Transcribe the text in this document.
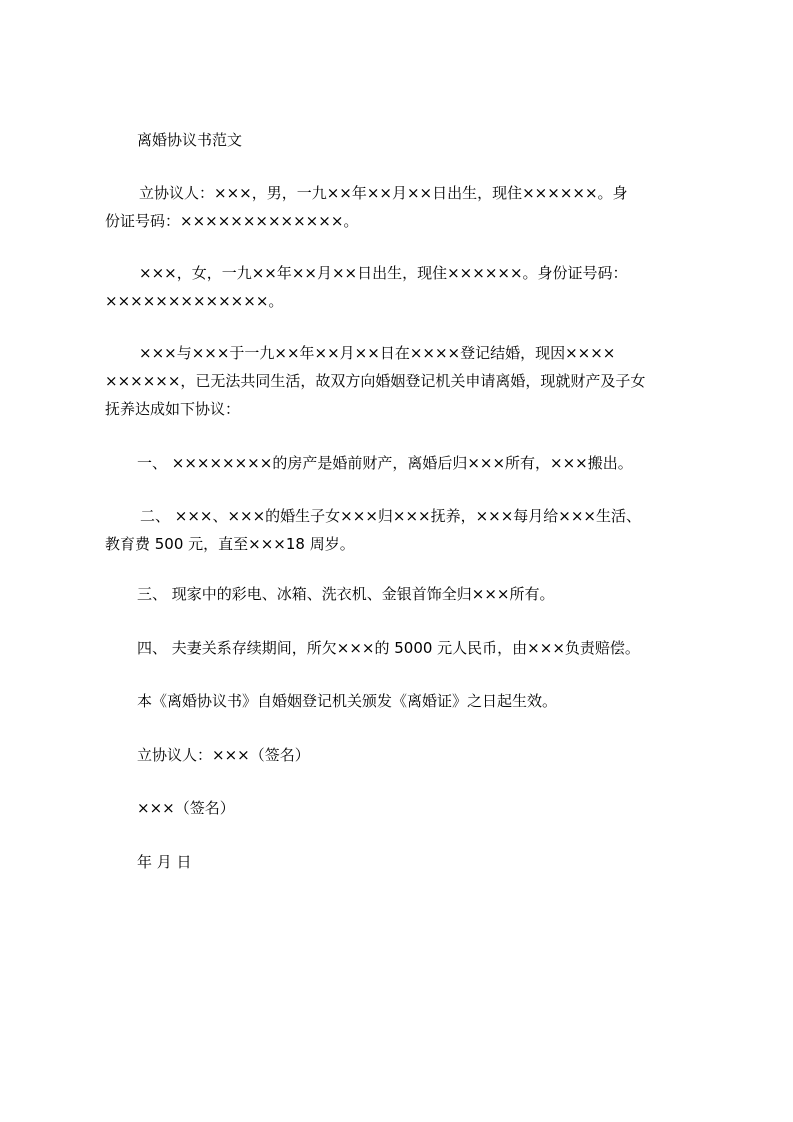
离婚协议书范文
立协议人：×××，男，一九××年××月××日出生，现住××××××。身
份证号码：×××××××××××××。
×××，女，一九××年××月××日出生，现住××××××。身份证号码：
×××××××××××××。
×××与×××于一九××年××月××日在××××登记结婚，现因××××
××××××，已无法共同生活，故双方向婚姻登记机关申请离婚，现就财产及子女
抚养达成如下协议：
一、 ××××××××的房产是婚前财产，离婚后归×××所有，×××搬出。
二、 ×××、×××的婚生子女×××归×××抚养，×××每月给×××生活、
教育费 500 元，直至×××18 周岁。
三、 现家中的彩电、冰箱、洗衣机、金银首饰全归×××所有。
四、 夫妻关系存续期间，所欠×××的 5000 元人民币，由×××负责赔偿。
本《离婚协议书》自婚姻登记机关颁发《离婚证》之日起生效。
立协议人：×××（签名）
×××（签名）
年 月 日
